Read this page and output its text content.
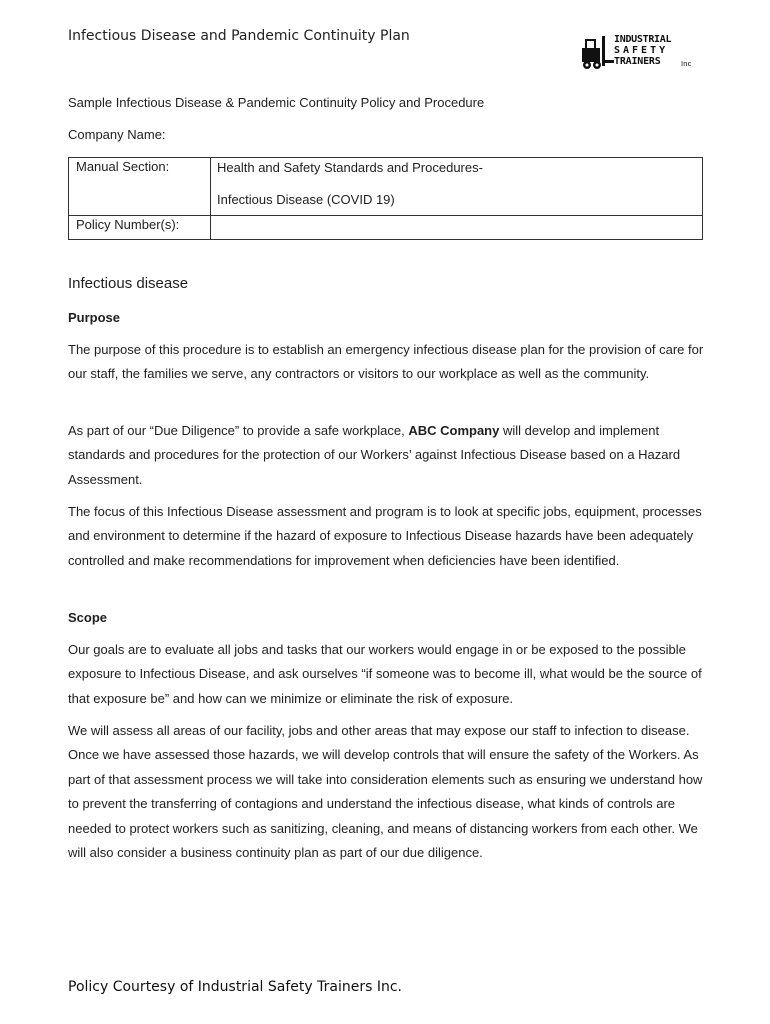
Infectious Disease and Pandemic Continuity Plan	INDUSTRIAL
SAFETY
TRAINERS	Inc
Sample Infectious Disease & Pandemic Continuity Policy and Procedure
Company Name:
Manual Section:	Health and Safety Standards and Procedures-
Infectious Disease (COVID 19)

Policy Number(s):	
Infectious disease
Purpose
The purpose of this procedure is to establish an emergency infectious disease plan for the provision of care for our staff, the families we serve, any contractors or visitors to our workplace as well as the community.
As part of our “Due Diligence” to provide a safe workplace, ABC Company will develop and implement standards and procedures for the protection of our Workers’ against Infectious Disease based on a Hazard Assessment.
The focus of this Infectious Disease assessment and program is to look at specific jobs, equipment, processes and environment to determine if the hazard of exposure to Infectious Disease hazards have been adequately controlled and make recommendations for improvement when deficiencies have been identified.
Scope
Our goals are to evaluate all jobs and tasks that our workers would engage in or be exposed to the possible exposure to Infectious Disease, and ask ourselves “if someone was to become ill, what would be the source of that exposure be” and how can we minimize or eliminate the risk of exposure.
We will assess all areas of our facility, jobs and other areas that may expose our staff to infection to disease. Once we have assessed those hazards, we will develop controls that will ensure the safety of the Workers. As part of that assessment process we will take into consideration elements such as ensuring we understand how to prevent the transferring of contagions and understand the infectious disease, what kinds of controls are needed to protect workers such as sanitizing, cleaning, and means of distancing workers from each other. We will also consider a business continuity plan as part of our due diligence.
Policy Courtesy of Industrial Safety Trainers Inc.
